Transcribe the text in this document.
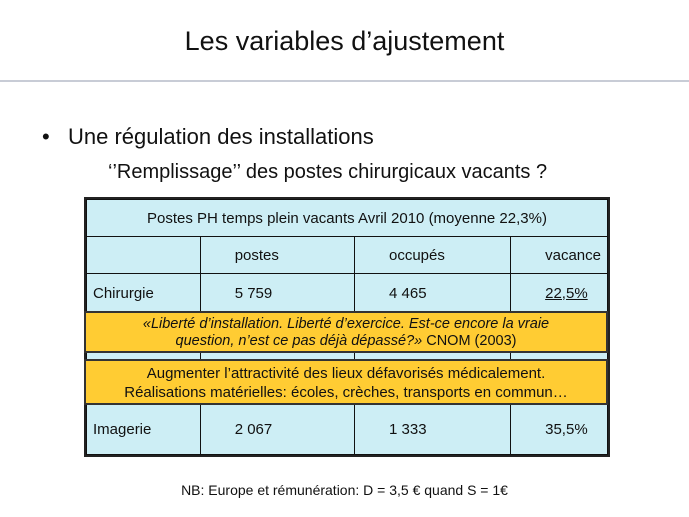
Les variables d’ajustement
• Une régulation des installations
‘’Remplissage’’ des postes chirurgicaux vacants ?
Postes PH temps plein vacants Avril 2010 (moyenne 22,3%)			
	postes	occupés	vacance
Chirurgie	5 759	4 465	22,5%

Imagerie	2 067	1 333	35,5%
«Liberté d’installation. Liberté d’exercice. Est-ce encore la vraie
question, n’est ce pas déjà dépassé?» CNOM (2003)
Augmenter l’attractivité des lieux défavorisés médicalement.
Réalisations matérielles: écoles, crèches, transports en commun…
NB: Europe et rémunération: D = 3,5 € quand S = 1€
